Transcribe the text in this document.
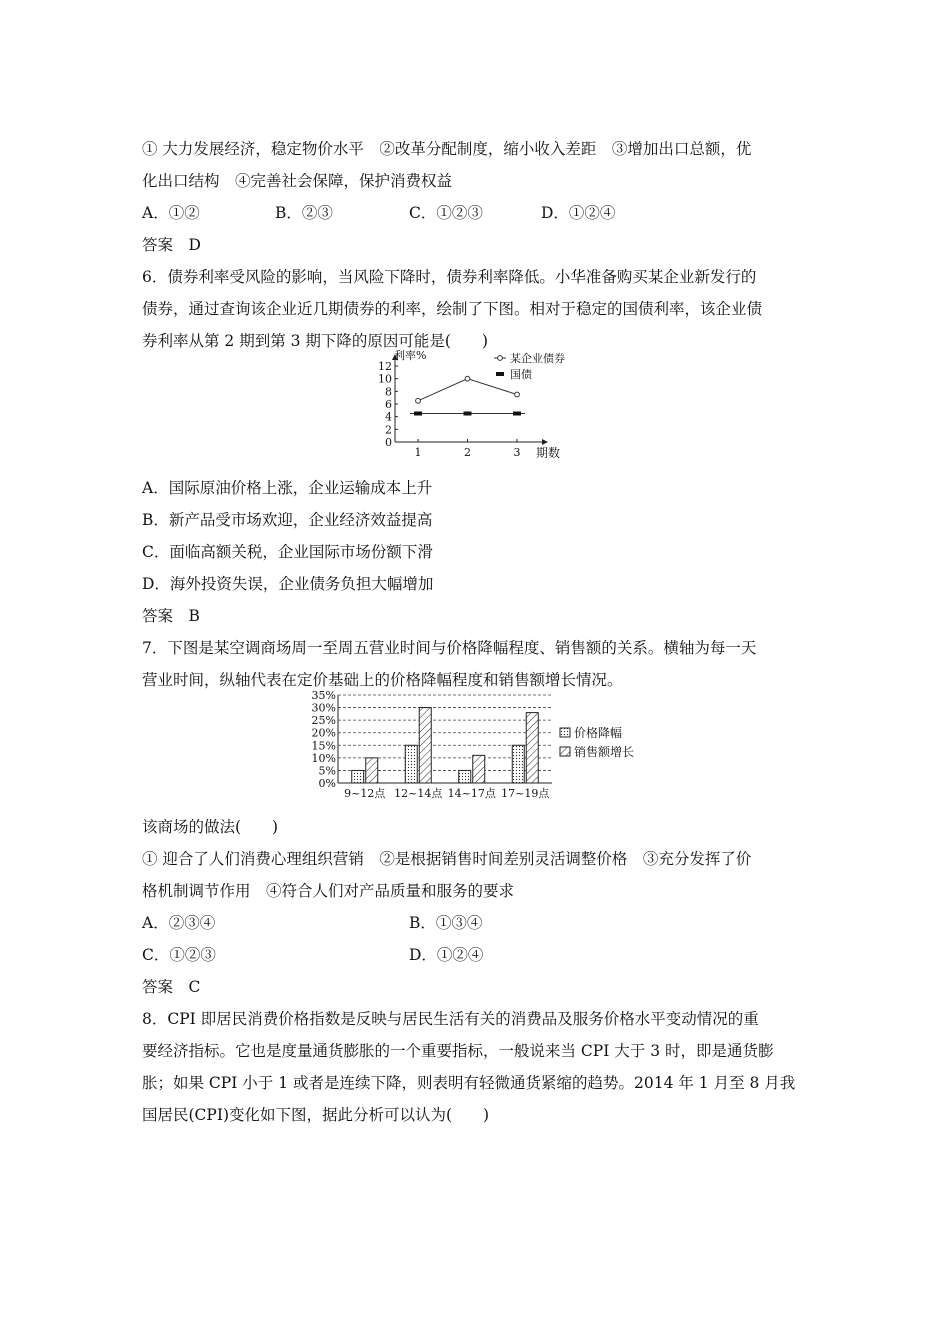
① 大力发展经济，稳定物价水平　②改革分配制度，缩小收入差距　③增加出口总额，优
化出口结构　④完善社会保障，保护消费权益
A．①②	B．②③	C．①②③	D．①②④
答案　D
6．债券利率受风险的影响，当风险下降时，债券利率降低。小华准备购买某企业新发行的
债券，通过查询该企业近几期债券的利率，绘制了下图。相对于稳定的国债利率，该企业债
券利率从第 2 期到第 3 期下降的原因可能是(　　)
0
2
4
6
8
10
12
1	2	3
利率%
期数
某企业债券
国债
A．国际原油价格上涨，企业运输成本上升
B．新产品受市场欢迎，企业经济效益提高
C．面临高额关税，企业国际市场份额下滑
D．海外投资失误，企业债务负担大幅增加
答案　B
7．下图是某空调商场周一至周五营业时间与价格降幅程度、销售额的关系。横轴为每一天
营业时间，纵轴代表在定价基础上的价格降幅程度和销售额增长情况。
0%
5%
10%
15%
20%
25%
30%
35%
9~12点 12~14点 14~17点 17~19点
价格降幅
销售额增长
该商场的做法(　　)
① 迎合了人们消费心理组织营销　②是根据销售时间差别灵活调整价格　③充分发挥了价
格机制调节作用　④符合人们对产品质量和服务的要求
A．②③④	B．①③④
C．①②③	D．①②④
答案　C
8．CPI 即居民消费价格指数是反映与居民生活有关的消费品及服务价格水平变动情况的重
要经济指标。它也是度量通货膨胀的一个重要指标，一般说来当 CPI 大于 3 时，即是通货膨
胀；如果 CPI 小于 1 或者是连续下降，则表明有轻微通货紧缩的趋势。2014 年 1 月至 8 月我
国居民(CPI)变化如下图，据此分析可以认为(　　)
